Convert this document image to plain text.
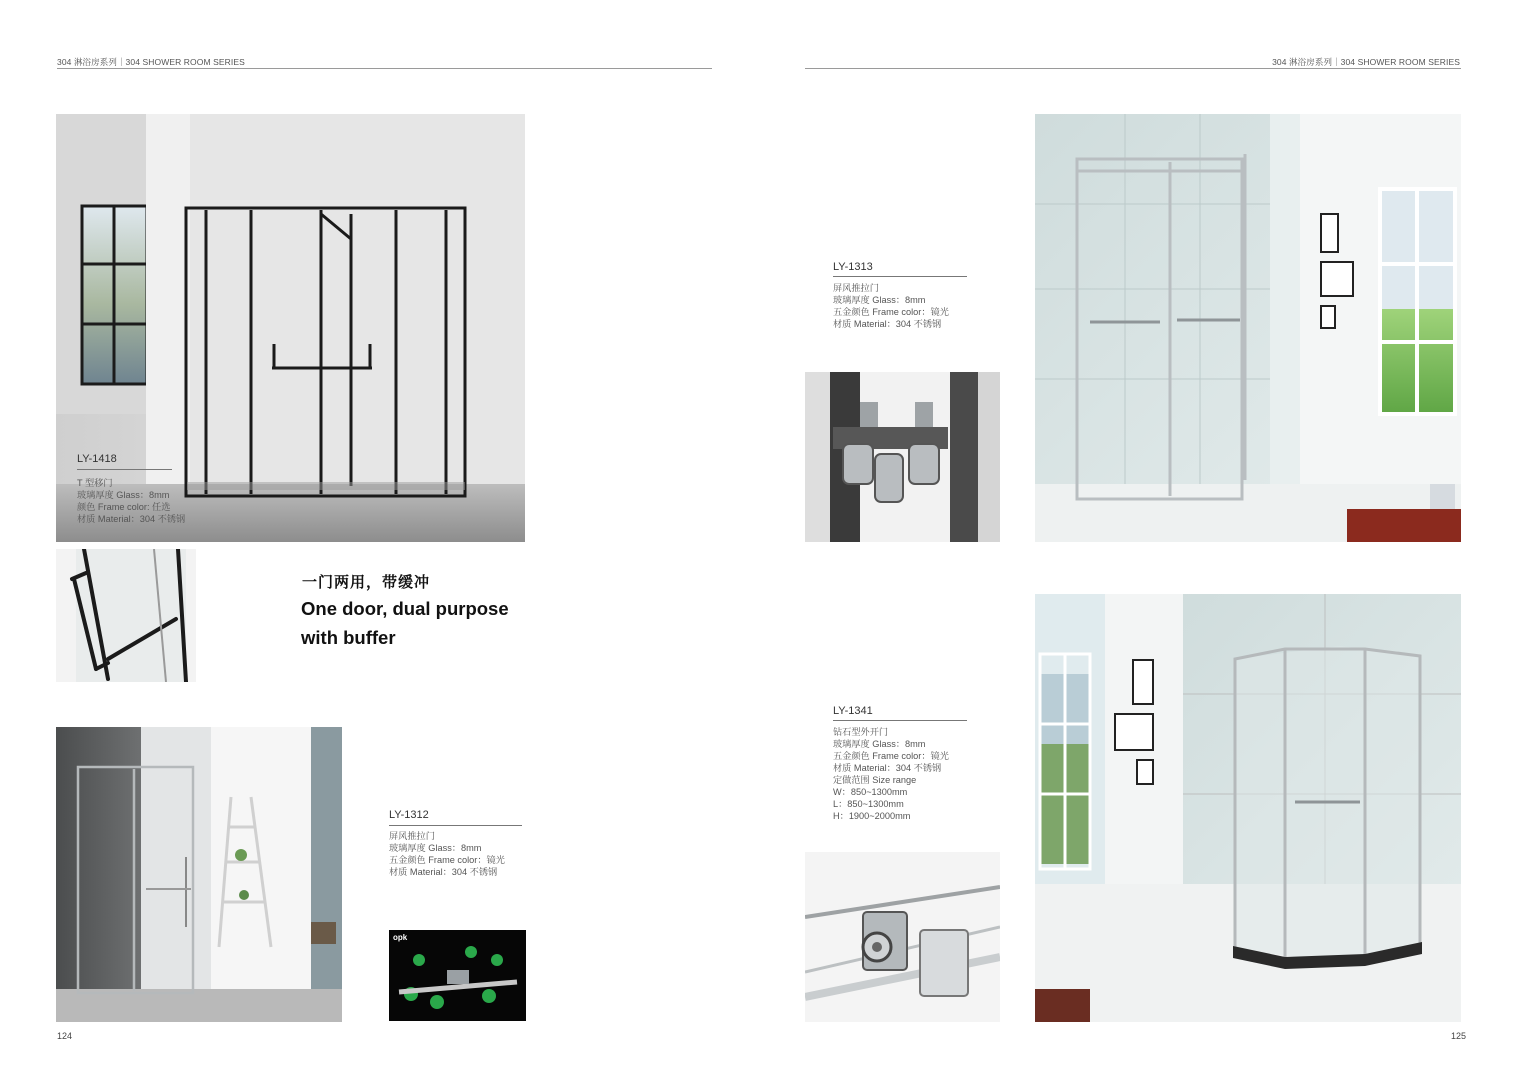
304 淋浴房系列｜304 SHOWER ROOM SERIES
LY-1418
T 型移门
玻璃厚度 Glass：8mm
颜色 Frame color: 任选
材质 Material：304 不锈钢
一门两用，带缓冲
One door, dual purpose
with buffer
LY-1312
屏风推拉门
玻璃厚度 Glass：8mm
五金颜色 Frame color：镜光
材质 Material：304 不锈钢
opk
124
304 淋浴房系列｜304 SHOWER ROOM SERIES
LY-1313
屏风推拉门
玻璃厚度 Glass：8mm
五金颜色 Frame color：镜光
材质 Material：304 不锈钢
LY-1341
钻石型外开门
玻璃厚度 Glass：8mm
五金颜色 Frame color：镜光
材质 Material：304 不锈钢
定做范围 Size range
W：850~1300mm
L：850~1300mm
H：1900~2000mm
125
